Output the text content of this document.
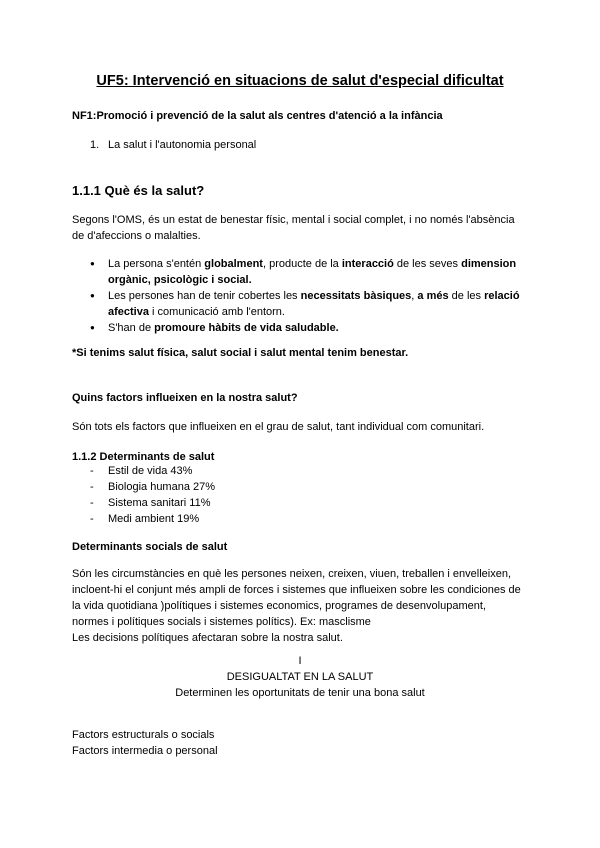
UF5: Intervenció en situacions de salut d'especial dificultat
NF1:Promoció i prevenció de la salut als centres d'atenció a la infància
1. La salut i l'autonomia personal
1.1.1 Què és la salut?
Segons l'OMS, és un estat de benestar físic, mental i social complet, i no només l'absència
de d'afeccions o malalties.
● La persona s'entén globalment, producte de la interacció de les seves dimension orgànic, psicològic i social.
● Les persones han de tenir cobertes les necessitats bàsiques, a més de les relació afectiva i comunicació amb l'entorn.
● S'han de promoure hàbits de vida saludable.
*Si tenims salut física, salut social i salut mental tenim benestar.
Quins factors influeixen en la nostra salut?
Són tots els factors que influeixen en el grau de salut, tant individual com comunitari.
1.1.2 Determinants de salut
- Estil de vida 43%
- Biologia humana 27%
- Sistema sanitari 11%
- Medi ambient 19%
Determinants socials de salut
Són les circumstàncies en què les persones neixen, creixen, viuen, treballen i envelleixen,
incloent-hi el conjunt més ampli de forces i sistemes que influeixen sobre les condiciones de
la vida quotidiana )polítiques i sistemes economics, programes de desenvolupament,
normes i polítiques socials i sistemes polítics). Ex: masclisme
Les decisions polítiques afectaran sobre la nostra salut.
I
DESIGUALTAT EN LA SALUT
Determinen les oportunitats de tenir una bona salut
Factors estructurals o socials
Factors intermedia o personal
